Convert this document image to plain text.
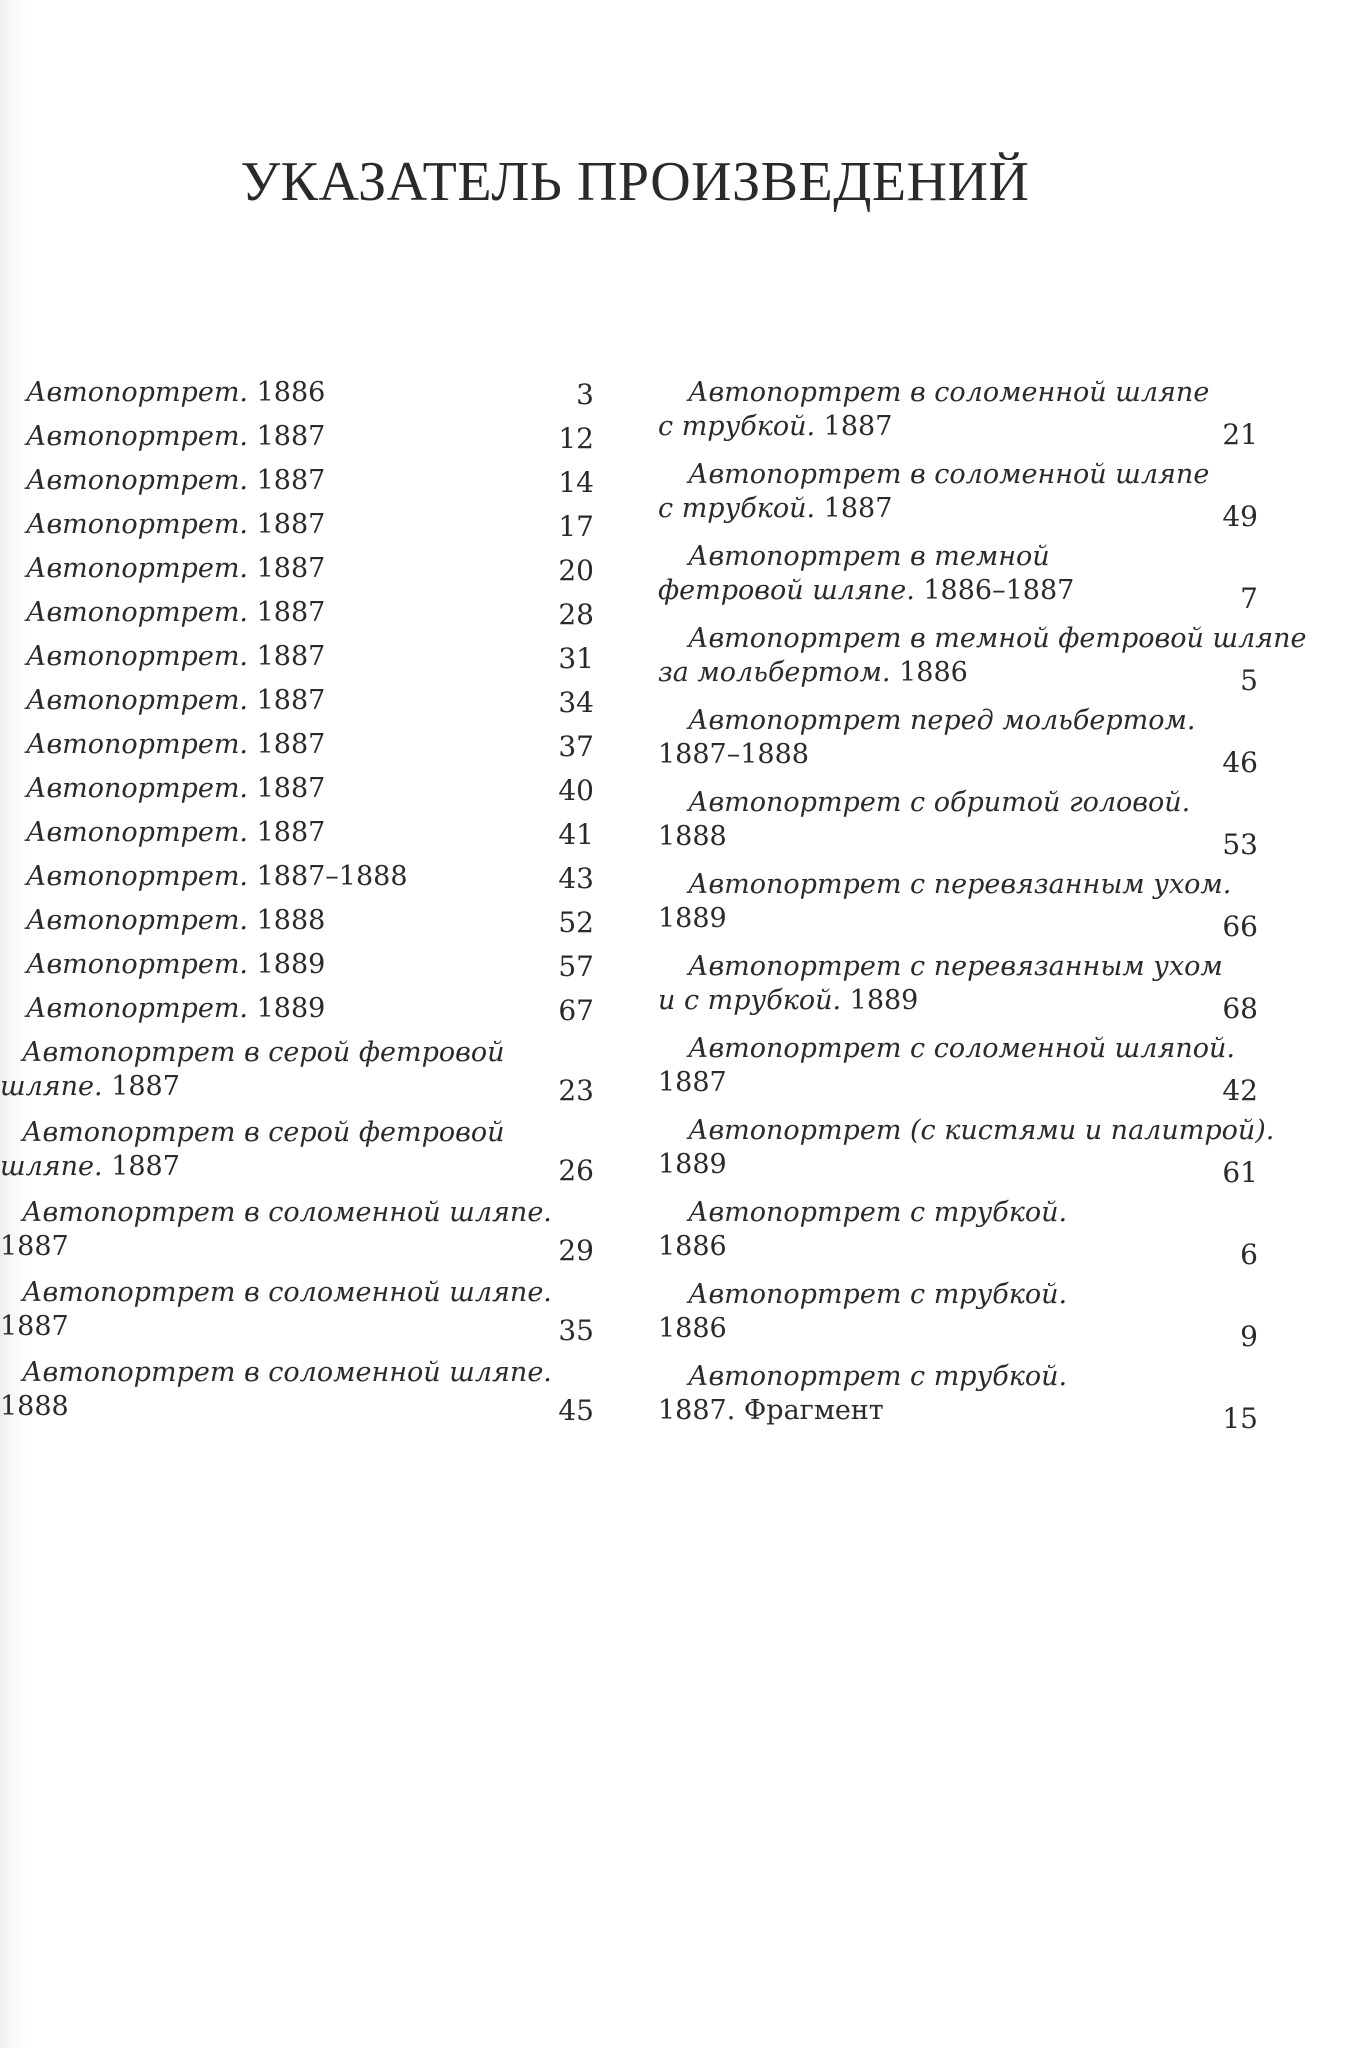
УКАЗАТЕЛЬ ПРОИЗВЕДЕНИЙ
Автопортрет. 1886	3
Автопортрет. 1887	12
Автопортрет. 1887	14
Автопортрет. 1887	17
Автопортрет. 1887	20
Автопортрет. 1887	28
Автопортрет. 1887	31
Автопортрет. 1887	34
Автопортрет. 1887	37
Автопортрет. 1887	40
Автопортрет. 1887	41
Автопортрет. 1887–1888	43
Автопортрет. 1888	52
Автопортрет. 1889	57
Автопортрет. 1889	67
Автопортрет в серой фетровой
шляпе. 1887	23
Автопортрет в серой фетровой
шляпе. 1887	26
Автопортрет в соломенной шляпе.
1887	29
Автопортрет в соломенной шляпе.
1887	35
Автопортрет в соломенной шляпе.
1888	45
Автопортрет в соломенной шляпе
с трубкой. 1887	21
Автопортрет в соломенной шляпе
с трубкой. 1887	49
Автопортрет в темной
фетровой шляпе. 1886–1887	7
Автопортрет в темной фетровой шляпе
за мольбертом. 1886	5
Автопортрет перед мольбертом.
1887–1888	46
Автопортрет с обритой головой.
1888	53
Автопортрет с перевязанным ухом.
1889	66
Автопортрет с перевязанным ухом
и с трубкой. 1889	68
Автопортрет с соломенной шляпой.
1887	42
Автопортрет (с кистями и палитрой).
1889	61
Автопортрет с трубкой.
1886	6
Автопортрет с трубкой.
1886	9
Автопортрет с трубкой.
1887. Фрагмент	15
